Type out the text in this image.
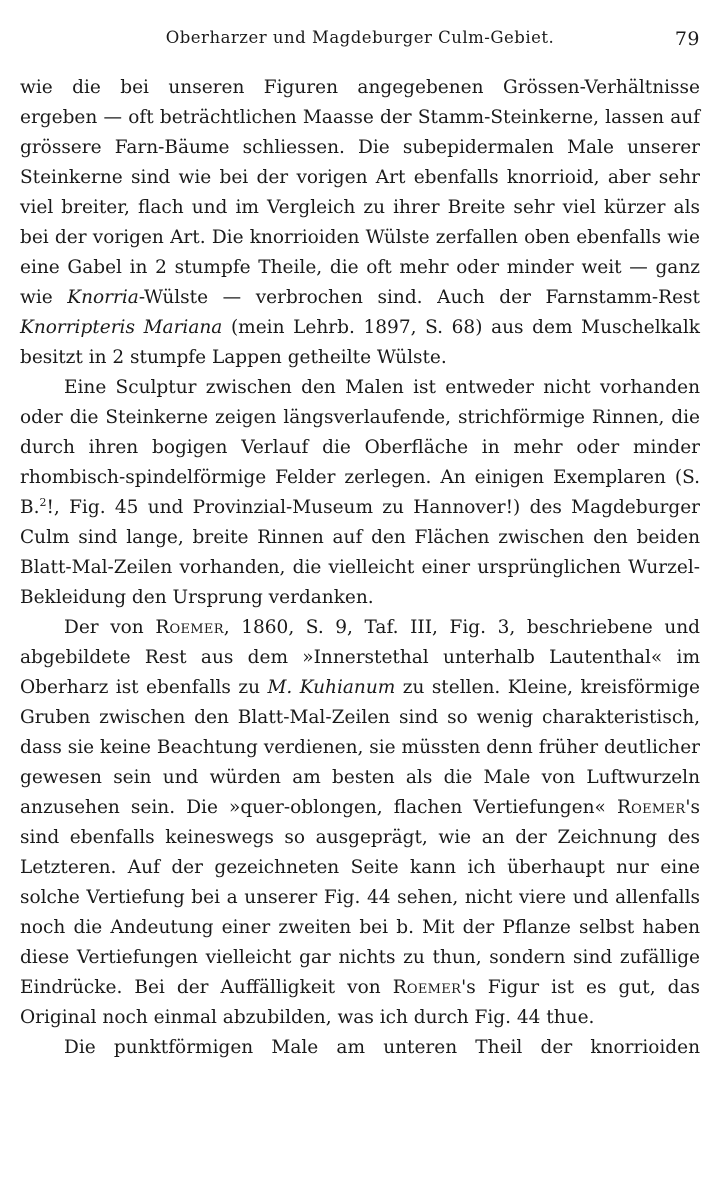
Oberharzer und Magdeburger Culm-Gebiet.	79

wie die bei unseren Figuren angegebenen Grössen-Verhältnisse ergeben — oft beträchtlichen Maasse der Stamm-Steinkerne, lassen auf grössere Farn-Bäume schliessen. Die subepidermalen Male unserer Steinkerne sind wie bei der vorigen Art ebenfalls knorrioid, aber sehr viel breiter, flach und im Vergleich zu ihrer Breite sehr viel kürzer als bei der vorigen Art. Die knorrioiden Wülste zerfallen oben ebenfalls wie eine Gabel in 2 stumpfe Theile, die oft mehr oder minder weit — ganz wie Knorria-Wülste — verbrochen sind. Auch der Farnstamm-Rest Knorripteris Mariana (mein Lehrb. 1897, S. 68) aus dem Muschelkalk besitzt in 2 stumpfe Lappen getheilte Wülste.

Eine Sculptur zwischen den Malen ist entweder nicht vorhanden oder die Steinkerne zeigen längsverlaufende, strichförmige Rinnen, die durch ihren bogigen Verlauf die Oberfläche in mehr oder minder rhombisch-spindelförmige Felder zerlegen. An einigen Exemplaren (S. B.$^2$!, Fig. 45 und Provinzial-Museum zu Hannover!) des Magdeburger Culm sind lange, breite Rinnen auf den Flächen zwischen den beiden Blatt-Mal-Zeilen vorhanden, die vielleicht einer ursprünglichen Wurzel-Bekleidung den Ursprung verdanken.

Der von Roemer, 1860, S. 9, Taf. III, Fig. 3, beschriebene und abgebildete Rest aus dem »Innerstethal unterhalb Lautenthal« im Oberharz ist ebenfalls zu M. Kuhianum zu stellen. Kleine, kreisförmige Gruben zwischen den Blatt-Mal-Zeilen sind so wenig charakteristisch, dass sie keine Beachtung verdienen, sie müssten denn früher deutlicher gewesen sein und würden am besten als die Male von Luftwurzeln anzusehen sein. Die »quer-oblongen, flachen Vertiefungen« Roemer's sind ebenfalls keineswegs so ausgeprägt, wie an der Zeichnung des Letzteren. Auf der gezeichneten Seite kann ich überhaupt nur eine solche Vertiefung bei a unserer Fig. 44 sehen, nicht viere und allenfalls noch die Andeutung einer zweiten bei b. Mit der Pflanze selbst haben diese Vertiefungen vielleicht gar nichts zu thun, sondern sind zufällige Eindrücke. Bei der Auffälligkeit von Roemer's Figur ist es gut, das Original noch einmal abzubilden, was ich durch Fig. 44 thue.

Die punktförmigen Male am unteren Theil der knorrioiden
